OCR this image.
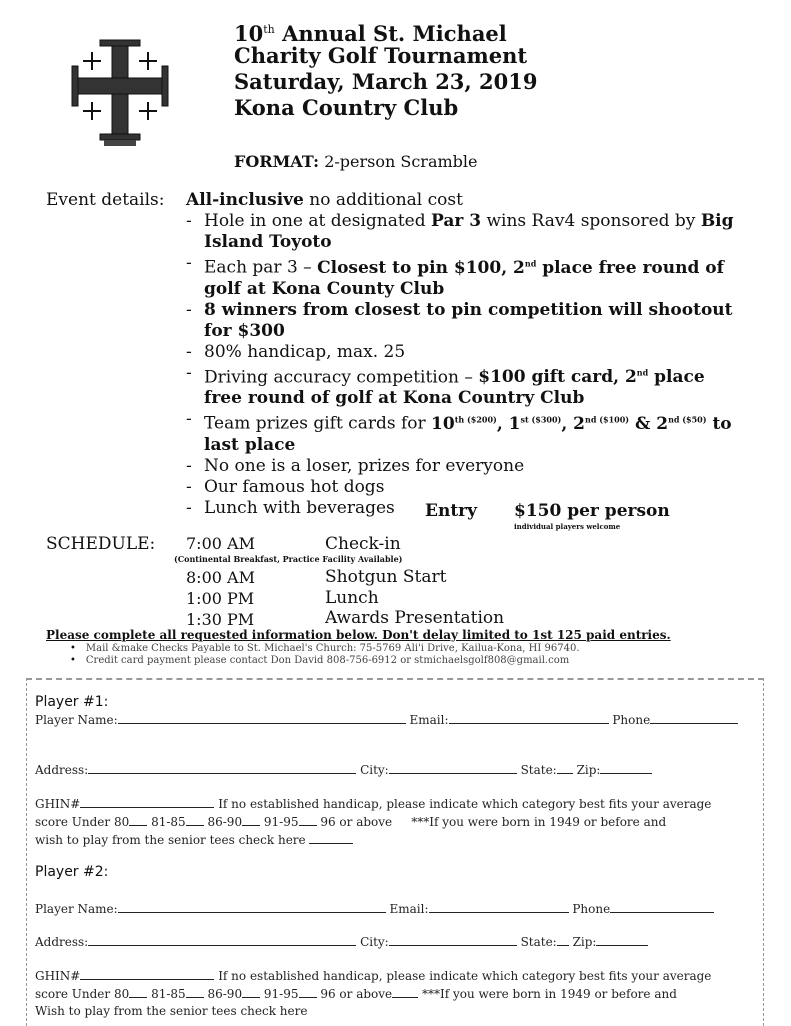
10th Annual St. Michael
Charity Golf Tournament
Saturday, March 23, 2019
Kona Country Club
FORMAT: 2-person Scramble
Event details: All-inclusive no additional cost
- Hole in one at designated Par 3 wins Rav4 sponsored by Big Island Toyoto
- Each par 3 – Closest to pin $100, 2nd place free round of golf at Kona County Club
- 8 winners from closest to pin competition will shootout for $300
- 80% handicap, max. 25
- Driving accuracy competition – $100 gift card, 2nd place free round of golf at Kona Country Club
- Team prizes gift cards for $10^{th (\$200)}$, $1^{st (\$300)}$, $2^{nd (\$100)}$ & $2^{nd (\$50)}$ to last place
- No one is a loser, prizes for everyone
- Our famous hot dogs
- Lunch with beverages	Entry $150 per person
individual players welcome
SCHEDULE: 7:00 AM	Check-in
(Continental Breakfast, Practice Facility Available)
8:00 AM	Shotgun Start
1:00 PM	Lunch
1:30 PM	Awards Presentation
Please complete all requested information below. Don't delay limited to 1st 125 paid entries.
• Mail &make Checks Payable to St. Michael's Church: 75-5769 Ali'i Drive, Kailua-Kona, HI 96740.
• Credit card payment please contact Don David 808-756-6912 or stmichaelsgolf808@gmail.com
Player #1:
Player Name:	Email:	Phone
Address:	City:	State: Zip:
GHIN#	If no established handicap, please indicate which category best fits your average
score Under 80 81-85 86-90 91-95 96 or above ***If you were born in 1949 or before and
wish to play from the senior tees check here
Player #2:
Player Name:	Email:	Phone
Address:	City:	State: Zip:
GHIN#	If no established handicap, please indicate which category best fits your average
score Under 80 81-85 86-90 91-95 96 or above ***If you were born in 1949 or before and
Wish to play from the senior tees check here
